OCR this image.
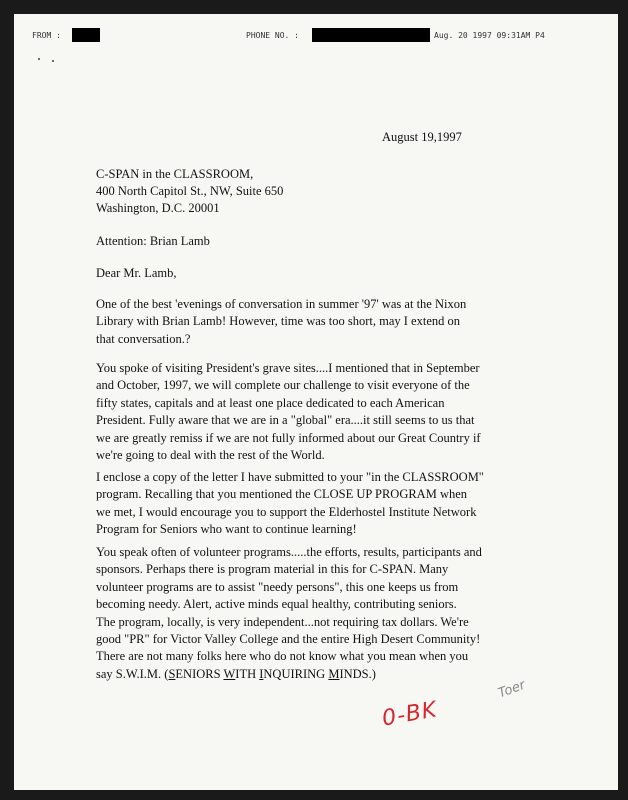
FROM :	PHONE NO. :	Aug. 20 1997 09:31AM P4
August 19,1997
C-SPAN in the CLASSROOM,
400 North Capitol St., NW, Suite 650
Washington, D.C. 20001
Attention: Brian Lamb
Dear Mr. Lamb,
One of the best 'evenings of conversation in summer '97' was at the Nixon
Library with Brian Lamb! However, time was too short, may I extend on
that conversation.?
You spoke of visiting President's grave sites....I mentioned that in September
and October, 1997, we will complete our challenge to visit everyone of the
fifty states, capitals and at least one place dedicated to each American
President. Fully aware that we are in a "global" era....it still seems to us that
we are greatly remiss if we are not fully informed about our Great Country if
we're going to deal with the rest of the World.
I enclose a copy of the letter I have submitted to your "in the CLASSROOM"
program. Recalling that you mentioned the CLOSE UP PROGRAM when
we met, I would encourage you to support the Elderhostel Institute Network
Program for Seniors who want to continue learning!
You speak often of volunteer programs.....the efforts, results, participants and
sponsors. Perhaps there is program material in this for C-SPAN. Many
volunteer programs are to assist "needy persons", this one keeps us from
becoming needy. Alert, active minds equal healthy, contributing seniors.
The program, locally, is very independent...not requiring tax dollars. We're
good "PR" for Victor Valley College and the entire High Desert Community!
There are not many folks here who do not know what you mean when you
say S.W.I.M. (SENIORS WITH INQUIRING MINDS.)
0-BK
Toer
